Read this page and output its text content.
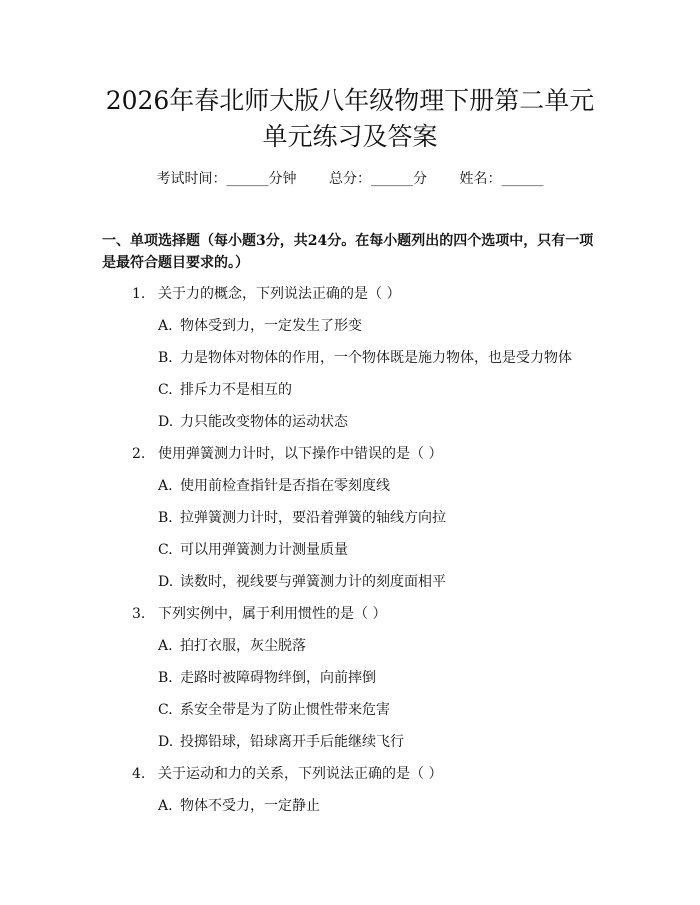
2026年春北师大版八年级物理下册第二单元
单元练习及答案
考试时间：______分钟 总分：______分 姓名：______
一、单项选择题（每小题3分，共24分。在每小题列出的四个选项中，只有一项是最符合题目要求的。）
1. 关于力的概念，下列说法正确的是（ ）
A. 物体受到力，一定发生了形变
B. 力是物体对物体的作用，一个物体既是施力物体，也是受力物体
C. 排斥力不是相互的
D. 力只能改变物体的运动状态
2. 使用弹簧测力计时，以下操作中错误的是（ ）
A. 使用前检查指针是否指在零刻度线
B. 拉弹簧测力计时，要沿着弹簧的轴线方向拉
C. 可以用弹簧测力计测量质量
D. 读数时，视线要与弹簧测力计的刻度面相平
3. 下列实例中，属于利用惯性的是（ ）
A. 拍打衣服，灰尘脱落
B. 走路时被障碍物绊倒，向前摔倒
C. 系安全带是为了防止惯性带来危害
D. 投掷铅球，铅球离开手后能继续飞行
4. 关于运动和力的关系，下列说法正确的是（ ）
A. 物体不受力，一定静止
